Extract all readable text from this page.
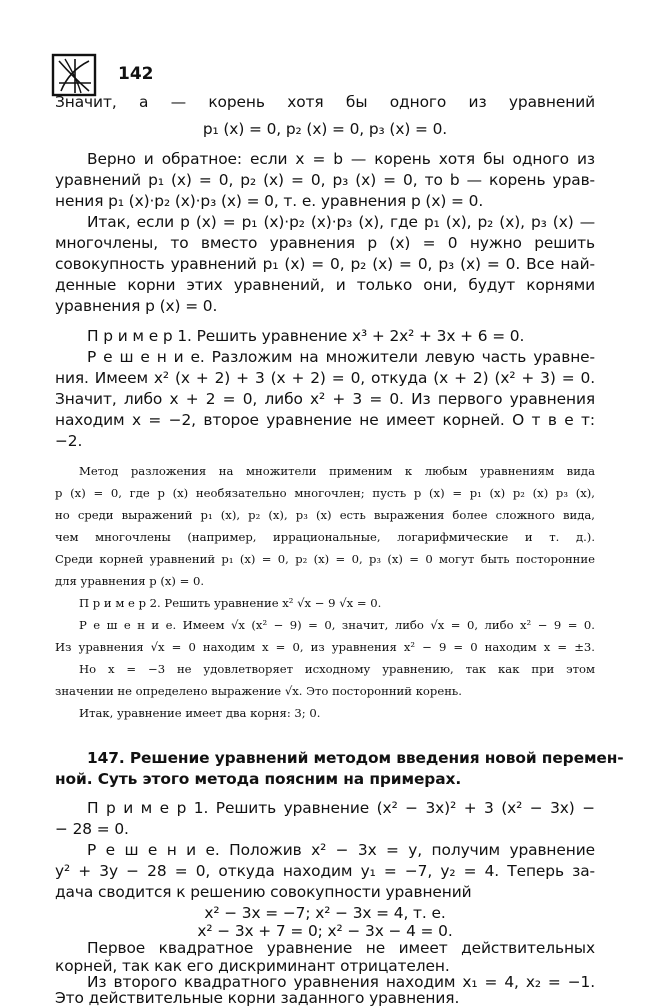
142
Значит, a — корень хотя бы одного из уравнений
p₁ (x) = 0, p₂ (x) = 0, p₃ (x) = 0.
Верно и обратное: если x = b — корень хотя бы одного из
уравнений p₁ (x) = 0, p₂ (x) = 0, p₃ (x) = 0, то b — корень урав-
нения p₁ (x)·p₂ (x)·p₃ (x) = 0, т. е. уравнения p (x) = 0.
Итак, если p (x) = p₁ (x)·p₂ (x)·p₃ (x), где p₁ (x), p₂ (x), p₃ (x) —
многочлены, то вместо уравнения p (x) = 0 нужно решить
совокупность уравнений p₁ (x) = 0, p₂ (x) = 0, p₃ (x) = 0. Все най-
денные корни этих уравнений, и только они, будут корнями
уравнения p (x) = 0.
П р и м е р 1. Решить уравнение x³ + 2x² + 3x + 6 = 0.
Р е ш е н и е. Разложим на множители левую часть уравне-
ния. Имеем x² (x + 2) + 3 (x + 2) = 0, откуда (x + 2) (x² + 3) = 0.
Значит, либо x + 2 = 0, либо x² + 3 = 0. Из первого уравнения
находим x = −2, второе уравнение не имеет корней. О т в е т:
−2.
Метод разложения на множители применим к любым уравнениям вида
p (x) = 0, где p (x) необязательно многочлен; пусть p (x) = p₁ (x) p₂ (x) p₃ (x),
но среди выражений p₁ (x), p₂ (x), p₃ (x) есть выражения более сложного вида,
чем многочлены (например, иррациональные, логарифмические и т. д.).
Среди корней уравнений p₁ (x) = 0, p₂ (x) = 0, p₃ (x) = 0 могут быть посторонние
для уравнения p (x) = 0.
П р и м е р 2. Решить уравнение x² √x − 9 √x = 0.
Р е ш е н и е. Имеем √x (x² − 9) = 0, значит, либо √x = 0, либо x² − 9 = 0.
Из уравнения √x = 0 находим x = 0, из уравнения x² − 9 = 0 находим x = ±3.
Но x = −3 не удовлетворяет исходному уравнению, так как при этом
значении не определено выражение √x. Это посторонний корень.
Итак, уравнение имеет два корня: 3; 0.
147. Решение уравнений методом введения новой перемен-
ной. Суть этого метода поясним на примерах.
П р и м е р 1. Решить уравнение (x² − 3x)² + 3 (x² − 3x) −
− 28 = 0.
Р е ш е н и е. Положив x² − 3x = y, получим уравнение
y² + 3y − 28 = 0, откуда находим y₁ = −7, y₂ = 4. Теперь за-
дача сводится к решению совокупности уравнений
x² − 3x = −7; x² − 3x = 4, т. е.
x² − 3x + 7 = 0; x² − 3x − 4 = 0.
Первое квадратное уравнение не имеет действительных
корней, так как его дискриминант отрицателен.
Из второго квадратного уравнения находим x₁ = 4, x₂ = −1.
Это действительные корни заданного уравнения.
